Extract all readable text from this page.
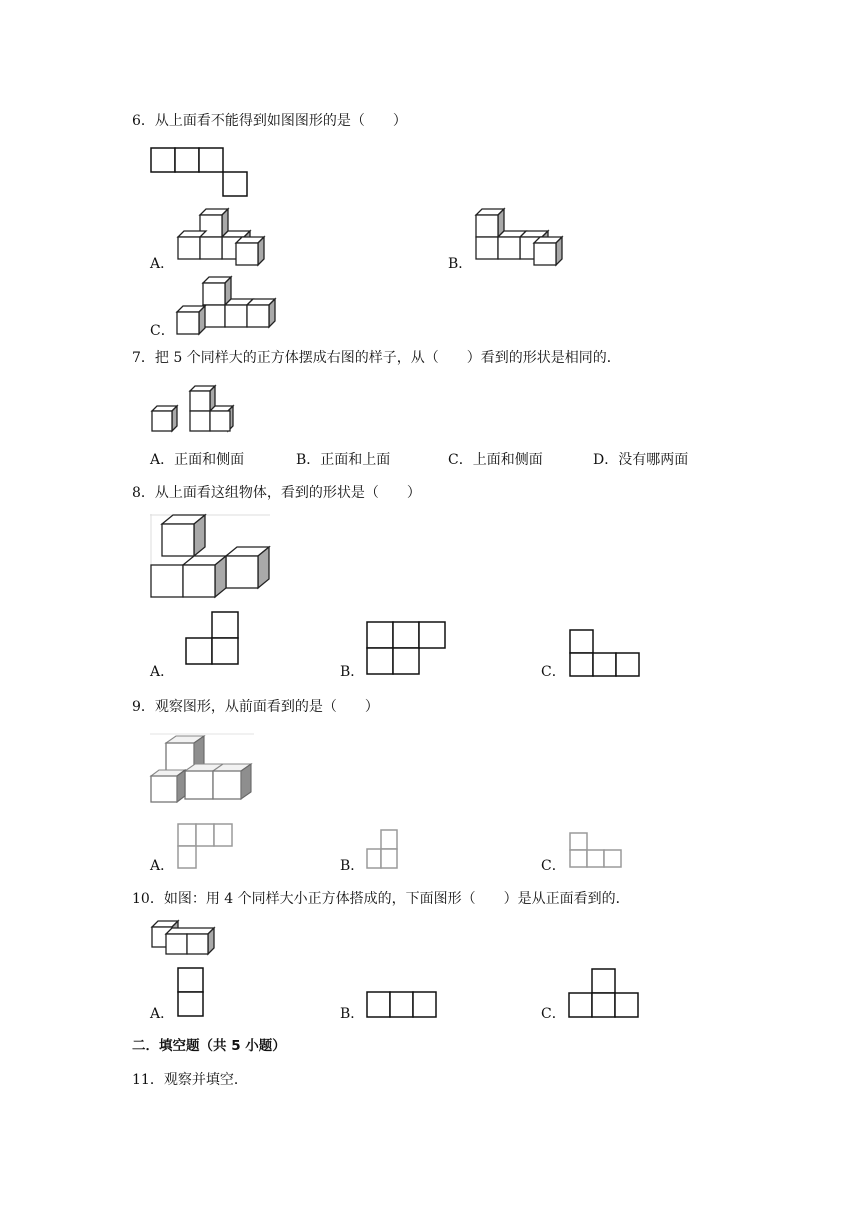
6．从上面看不能得到如图图形的是（　　）
A．	B．
C．
7．把 5 个同样大的正方体摆成右图的样子，从（　　）看到的形状是相同的．
A．正面和侧面	B．正面和上面	C．上面和侧面	D．没有哪两面
8．从上面看这组物体，看到的形状是（　　）
A．	B．	C．
9．观察图形，从前面看到的是（　　）
A．	B．	C．
10．如图：用 4 个同样大小正方体搭成的，下面图形（　　）是从正面看到的．
A．	B．	C．
二．填空题（共 5 小题）
11．观察并填空．
